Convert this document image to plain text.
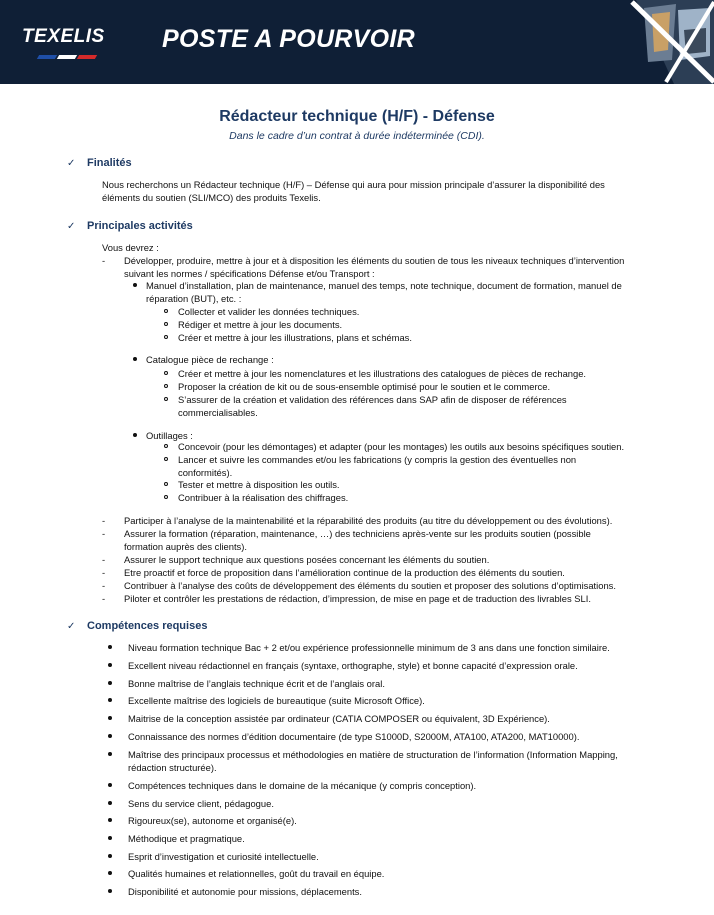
TEXELIS POSTE A POURVOIR
Rédacteur technique (H/F) - Défense
Dans le cadre d’un contrat à durée indéterminée (CDI).
✓ Finalités
Nous recherchons un Rédacteur technique (H/F) – Défense qui aura pour mission principale d’assurer la disponibilité des
éléments du soutien (SLI/MCO) des produits Texelis.
✓ Principales activités
Vous devrez :
- Développer, produire, mettre à jour et à disposition les éléments du soutien de tous les niveaux techniques d’intervention
suivant les normes / spécifications Défense et/ou Transport :
Manuel d’installation, plan de maintenance, manuel des temps, note technique, document de formation, manuel de
réparation (BUT), etc. :
Collecter et valider les données techniques.
Rédiger et mettre à jour les documents.
Créer et mettre à jour les illustrations, plans et schémas.
Catalogue pièce de rechange :
Créer et mettre à jour les nomenclatures et les illustrations des catalogues de pièces de rechange.
Proposer la création de kit ou de sous-ensemble optimisé pour le soutien et le commerce.
S’assurer de la création et validation des références dans SAP afin de disposer de références
commercialisables.
Outillages :
Concevoir (pour les démontages) et adapter (pour les montages) les outils aux besoins spécifiques soutien.
Lancer et suivre les commandes et/ou les fabrications (y compris la gestion des éventuelles non
conformités).
Tester et mettre à disposition les outils.
Contribuer à la réalisation des chiffrages.
- Participer à l’analyse de la maintenabilité et la réparabilité des produits (au titre du développement ou des évolutions).
- Assurer la formation (réparation, maintenance, …) des techniciens après-vente sur les produits soutien (possible
formation auprès des clients).
- Assurer le support technique aux questions posées concernant les éléments du soutien.
- Etre proactif et force de proposition dans l’amélioration continue de la production des éléments du soutien.
- Contribuer à l’analyse des coûts de développement des éléments du soutien et proposer des solutions d’optimisations.
- Piloter et contrôler les prestations de rédaction, d’impression, de mise en page et de traduction des livrables SLI.
✓ Compétences requises
Niveau formation technique Bac + 2 et/ou expérience professionnelle minimum de 3 ans dans une fonction similaire.
Excellent niveau rédactionnel en français (syntaxe, orthographe, style) et bonne capacité d’expression orale.
Bonne maîtrise de l’anglais technique écrit et de l’anglais oral.
Excellente maîtrise des logiciels de bureautique (suite Microsoft Office).
Maitrise de la conception assistée par ordinateur (CATIA COMPOSER ou équivalent, 3D Expérience).
Connaissance des normes d’édition documentaire (de type S1000D, S2000M, ATA100, ATA200, MAT10000).
Maîtrise des principaux processus et méthodologies en matière de structuration de l’information (Information Mapping,
rédaction structurée).
Compétences techniques dans le domaine de la mécanique (y compris conception).
Sens du service client, pédagogue.
Rigoureux(se), autonome et organisé(e).
Méthodique et pragmatique.
Esprit d’investigation et curiosité intellectuelle.
Qualités humaines et relationnelles, goût du travail en équipe.
Disponibilité et autonomie pour missions, déplacements.
